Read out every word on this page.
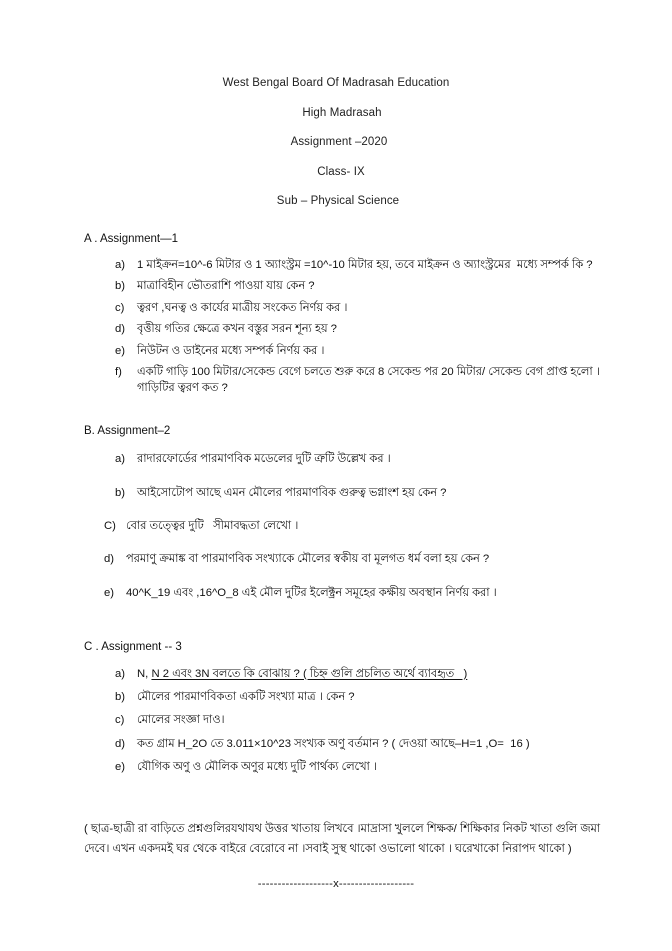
West Bengal Board Of Madrasah Education
High Madrasah
Assignment –2020
Class- IX
Sub – Physical Science
A . Assignment—1
a)	1 মাইক্রন=10^-6 মিটার ও 1 অ্যাংস্ট্রম =10^-10 মিটার হয়, তবে মাইক্রন ও অ্যাংস্ট্রমের  মধ্যে সম্পর্ক কি ?
b)	মাত্রাবিহীন ভৌতরাশি পাওয়া যায় কেন ?
c)	ত্বরণ ,ঘনত্ব ও কার্যের মাত্রীয় সংকেত নির্ণয় কর ।
d)	বৃত্তীয় গতির ক্ষেত্রে কখন বস্তুর সরন শূন্য হয় ?
e)	নিউটন ও ডাইনের মধ্যে সম্পর্ক নির্ণয় কর ।
f)	একটি গাড়ি 100 মিটার/সেকেন্ড বেগে চলতে শুরু করে 8 সেকেন্ড পর 20 মিটার/ সেকেন্ড বেগ প্রাপ্ত হলো ।গাড়িটির ত্বরণ কত ?
B. Assignment–2
a)	রাদারফোর্ডের পারমাণবিক মডেলের দুটি ত্রুটি উল্লেখ কর ।
b)	আইসোটোপ আছে এমন মৌলের পারমাণবিক গুরুত্ব ভগ্নাংশ হয় কেন ?
C) বোর তত্ত্বের দুটি   সীমাবদ্ধতা লেখো ।
d)	পরমাণু ক্রমাঙ্ক বা পারমাণবিক সংখ্যাকে মৌলের স্বকীয় বা মূলগত ধর্ম বলা হয় কেন ?
e)	40^K_19 এবং ,16^O_8 এই মৌল দুটির ইলেক্ট্রন সমূহের কক্ষীয় অবস্থান নির্ণয় করা ।
C . Assignment -- 3
a)	N, N 2 এবং 3N বলতে কি বোঝায় ? ( চিহ্ন গুলি প্রচলিত অর্থে ব্যাবহৃত   )
b)	মৌলের পারমাণবিকতা একটি সংখ্যা মাত্র । কেন ?
c)	মোলের সংজ্ঞা দাও।
d)	কত গ্রাম H_2O তে 3.011×10^23 সংখ্যক অণু বর্তমান ? ( দেওয়া আছে–H=1 ,O=  16 )
e)	যৌগিক অণু ও মৌলিক অণুর মধ্যে দুটি পার্থক্য লেখো ।
( ছাত্র-ছাত্রী রা বাড়িতে প্রশ্নগুলিরযথাযথ উত্তর খাতায় লিখবে ।মাদ্রাসা খুললে শিক্ষক/ শিক্ষিকার নিকট খাতা গুলি জমা দেবে। এখন একদমই ঘর থেকে বাইরে বেরোবে না ।সবাই সুস্থ থাকো ওভালো থাকো । ঘরেখাকো নিরাপদ থাকো )
-------------------x-------------------
